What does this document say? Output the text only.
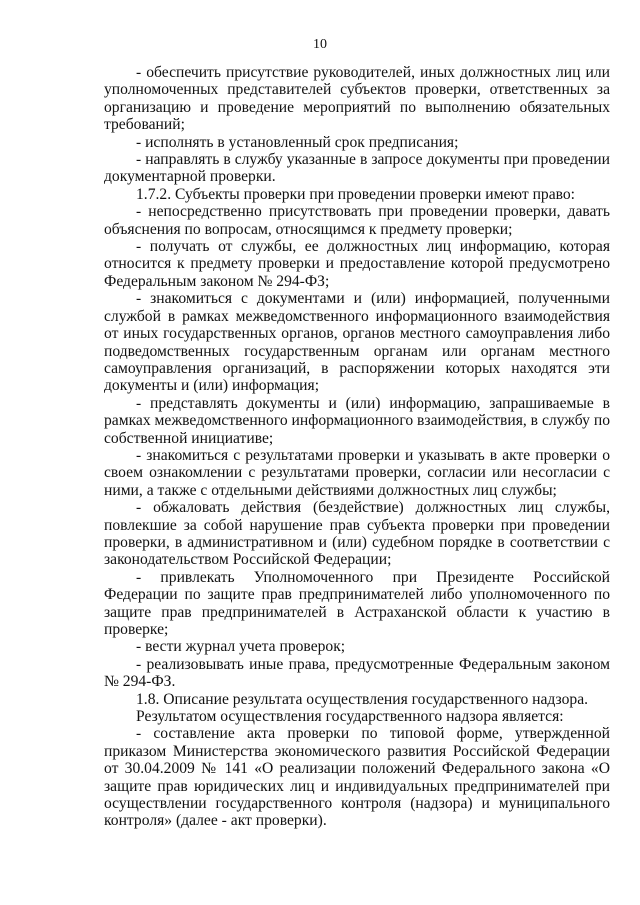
10

- обеспечить присутствие руководителей, иных должностных лиц или уполномоченных представителей субъектов проверки, ответственных за организацию и проведение мероприятий по выполнению обязательных требований;

- исполнять в установленный срок предписания;

- направлять в службу указанные в запросе документы при проведении документарной проверки.

1.7.2. Субъекты проверки при проведении проверки имеют право:

- непосредственно присутствовать при проведении проверки, давать объяснения по вопросам, относящимся к предмету проверки;

- получать от службы, ее должностных лиц информацию, которая относится к предмету проверки и предоставление которой предусмотрено Федеральным законом № 294-ФЗ;

- знакомиться с документами и (или) информацией, полученными службой в рамках межведомственного информационного взаимодействия от иных государственных органов, органов местного самоуправления либо подведомственных государственным органам или органам местного самоуправления организаций, в распоряжении которых находятся эти документы и (или) информация;

- представлять документы и (или) информацию, запрашиваемые в рамках межведомственного информационного взаимодействия, в службу по собственной инициативе;

- знакомиться с результатами проверки и указывать в акте проверки о своем ознакомлении с результатами проверки, согласии или несогласии с ними, а также с отдельными действиями должностных лиц службы;

- обжаловать действия (бездействие) должностных лиц службы, повлекшие за собой нарушение прав субъекта проверки при проведении проверки, в административном и (или) судебном порядке в соответствии с законодательством Российской Федерации;

- привлекать Уполномоченного при Президенте Российской Федерации по защите прав предпринимателей либо уполномоченного по защите прав предпринимателей в Астраханской области к участию в проверке;

- вести журнал учета проверок;

- реализовывать иные права, предусмотренные Федеральным законом № 294-ФЗ.

1.8. Описание результата осуществления государственного надзора.

Результатом осуществления государственного надзора является:

- составление акта проверки по типовой форме, утвержденной приказом Министерства экономического развития Российской Федерации от 30.04.2009 № 141 «О реализации положений Федерального закона «О защите прав юридических лиц и индивидуальных предпринимателей при осуществлении государственного контроля (надзора) и муниципального контроля» (далее - акт проверки).
